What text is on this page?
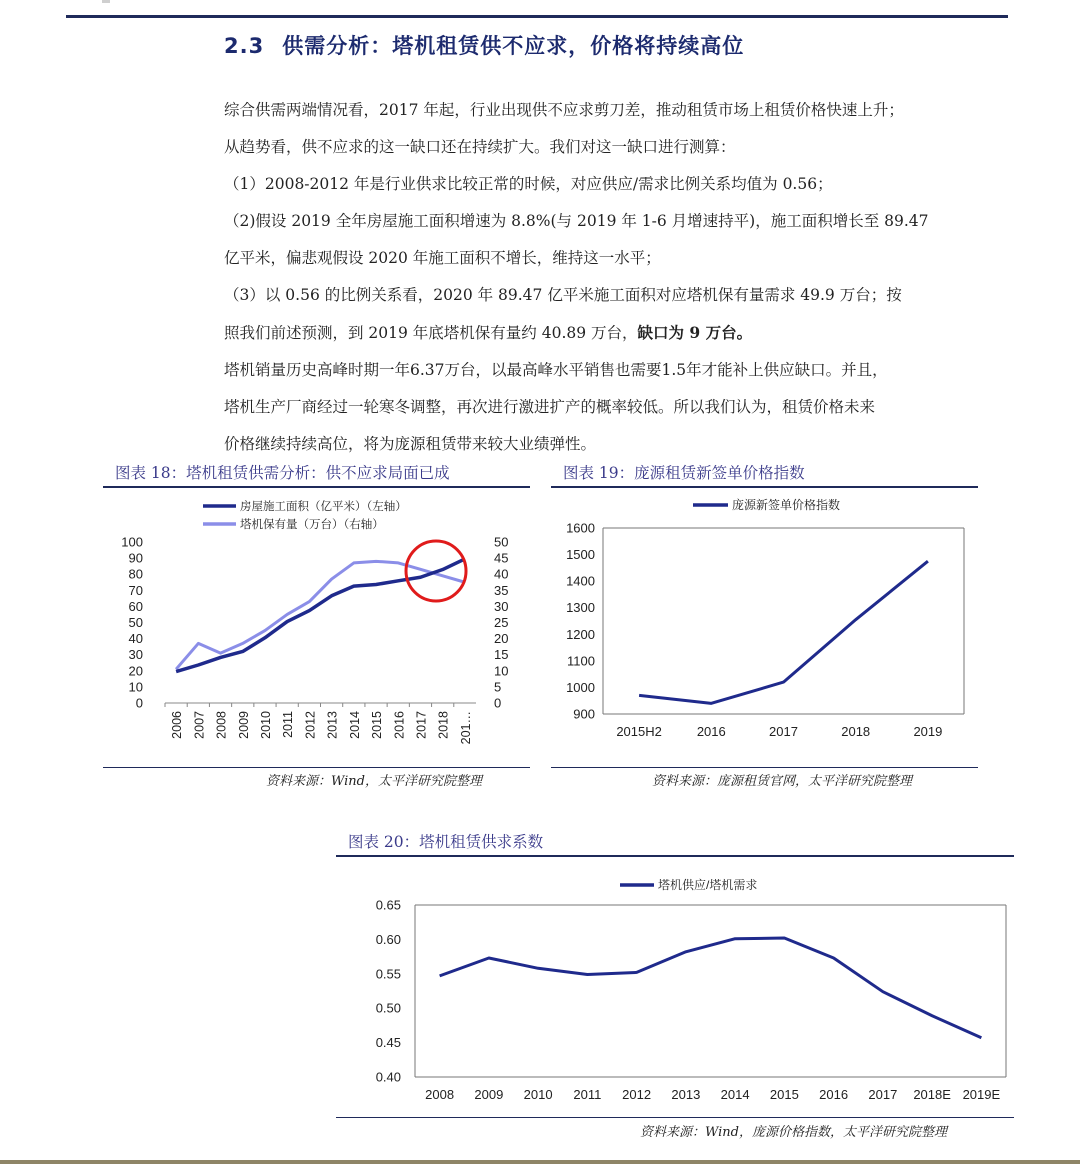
2.3 供需分析：塔机租赁供不应求，价格将持续高位

综合供需两端情况看，2017 年起，行业出现供不应求剪刀差，推动租赁市场上租赁价格快速上升；

从趋势看，供不应求的这一缺口还在持续扩大。我们对这一缺口进行测算：

（1）2008-2012 年是行业供求比较正常的时候，对应供应/需求比例关系均值为 0.56；

（2)假设 2019 全年房屋施工面积增速为 8.8%(与 2019 年 1-6 月增速持平)，施工面积增长至 89.47

亿平米，偏悲观假设 2020 年施工面积不增长，维持这一水平；

（3）以 0.56 的比例关系看，2020 年 89.47 亿平米施工面积对应塔机保有量需求 49.9 万台；按

照我们前述预测，到 2019 年底塔机保有量约 40.89 万台，缺口为 9 万台。

塔机销量历史高峰时期一年6.37万台，以最高峰水平销售也需要1.5年才能补上供应缺口。并且，

塔机生产厂商经过一轮寒冬调整，再次进行激进扩产的概率较低。所以我们认为，租赁价格未来

价格继续持续高位，将为庞源租赁带来较大业绩弹性。

图表 18：塔机租赁供需分析：供不应求局面已成
房屋施工面积（亿平米）（左轴）
塔机保有量（万台）（右轴）
0
10
20
30
40
50
60
70
80
90
100
0
5
10
15
20
25
30
35
40
45
50
2006 2007 2008 2009 2010 2011 2012 2013 2014 2015 2016 2017 2018 201…
资料来源：Wind，太平洋研究院整理
图表 19：庞源租赁新签单价格指数
庞源新签单价格指数
900
1000
1100
1200
1300
1400
1500
1600
2015H2	2016	2017	2018	2019
资料来源：庞源租赁官网，太平洋研究院整理
图表 20：塔机租赁供求系数
塔机供应/塔机需求
0.40
0.45
0.50
0.55
0.60
0.65
2008 2009 2010 2011 2012 2013 2014 2015 2016 2017 2018E 2019E
资料来源：Wind，庞源价格指数，太平洋研究院整理
